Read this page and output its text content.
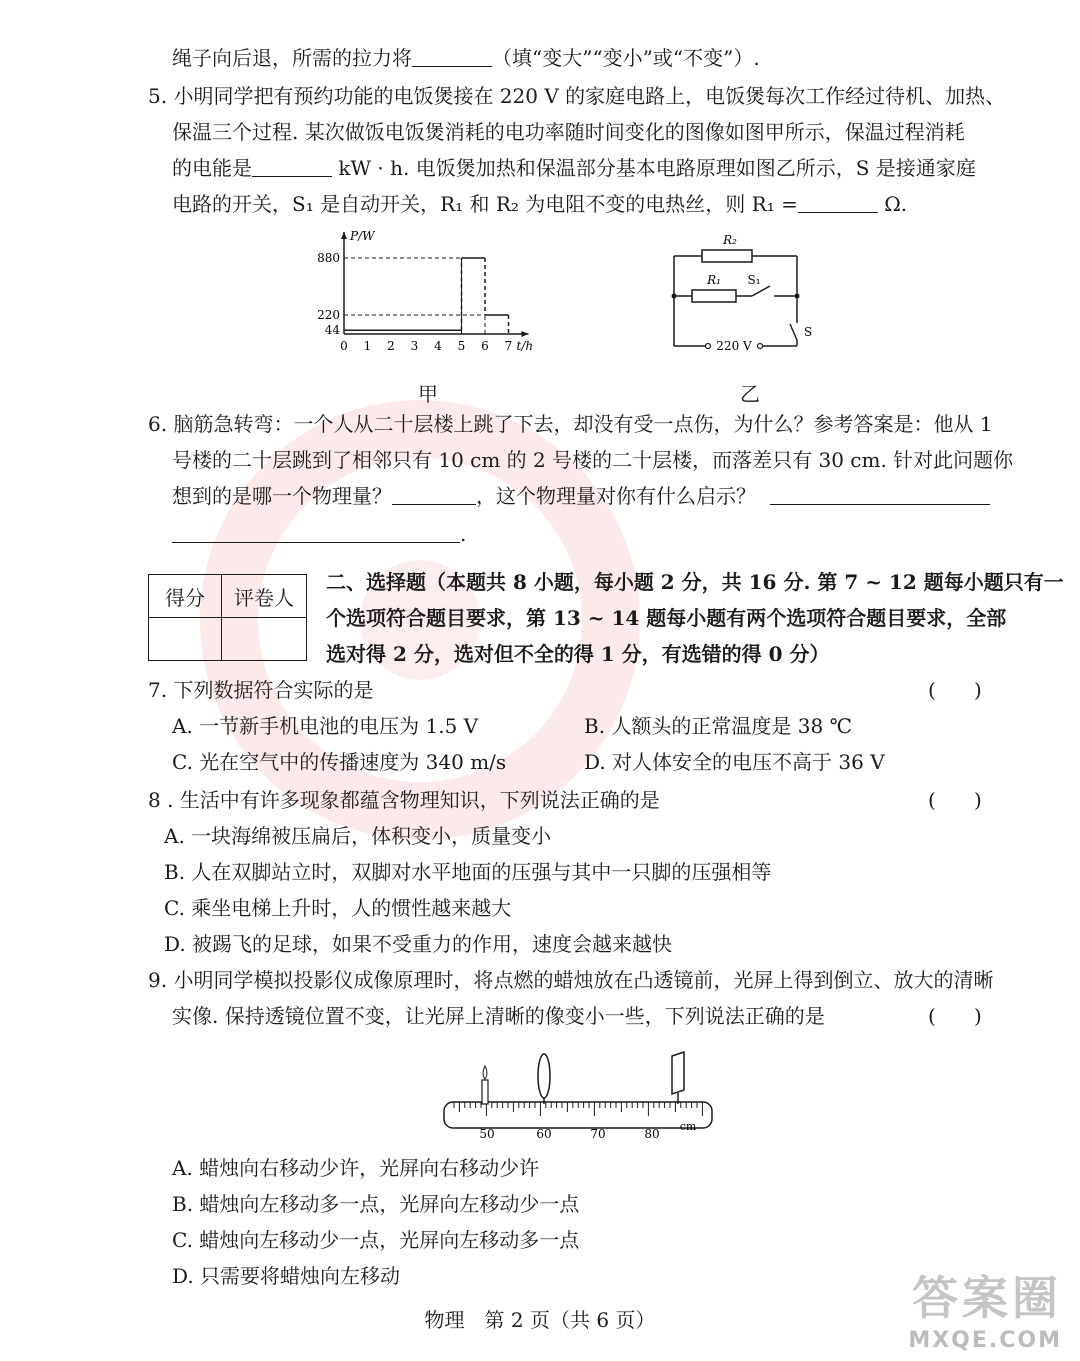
绳子向后退，所需的拉力将	（填“变大”“变小”或“不变”）.
5. 小明同学把有预约功能的电饭煲接在 220 V 的家庭电路上，电饭煲每次工作经过待机、加热、
保温三个过程. 某次做饭电饭煲消耗的电功率随时间变化的图像如图甲所示，保温过程消耗
的电能是	kW · h. 电饭煲加热和保温部分基本电路原理如图乙所示，S 是接通家庭
电路的开关，S₁ 是自动开关，R₁ 和 R₂ 为电阻不变的电热丝，则 R₁ =	Ω.
P/W
t/h
0 1 2 3 4 5 6 7
44
220
880
甲
R₂
R₁ S₁
220 V
S
乙
6. 脑筋急转弯：一个人从二十层楼上跳了下去，却没有受一点伤，为什么？参考答案是：他从 1
号楼的二十层跳到了相邻只有 10 cm 的 2 号楼的二十层楼，而落差只有 30 cm. 针对此问题你
想到的是哪一个物理量？	，这个物理量对你有什么启示？
.
得分	评卷人

二、选择题（本题共 8 小题，每小题 2 分，共 16 分. 第 7 ~ 12 题每小题只有一
个选项符合题目要求，第 13 ~ 14 题每小题有两个选项符合题目要求，全部
选对得 2 分，选对但不全的得 1 分，有选错的得 0 分）
7. 下列数据符合实际的是	(      )
A. 一节新手机电池的电压为 1.5 V	B. 人额头的正常温度是 38 ℃
C. 光在空气中的传播速度为 340 m/s	D. 对人体安全的电压不高于 36 V
8 . 生活中有许多现象都蕴含物理知识，下列说法正确的是	(      )
A. 一块海绵被压扁后，体积变小，质量变小
B. 人在双脚站立时，双脚对水平地面的压强与其中一只脚的压强相等
C. 乘坐电梯上升时，人的惯性越来越大
D. 被踢飞的足球，如果不受重力的作用，速度会越来越快
9. 小明同学模拟投影仪成像原理时，将点燃的蜡烛放在凸透镜前，光屏上得到倒立、放大的清晰
实像. 保持透镜位置不变，让光屏上清晰的像变小一些，下列说法正确的是	(      )
50	60	70	80
cm
A. 蜡烛向右移动少许，光屏向右移动少许
B. 蜡烛向左移动多一点，光屏向左移动少一点
C. 蜡烛向左移动少一点，光屏向左移动多一点
D. 只需要将蜡烛向左移动
物理　第 2 页（共 6 页）	答案圈
MXQE.COM
